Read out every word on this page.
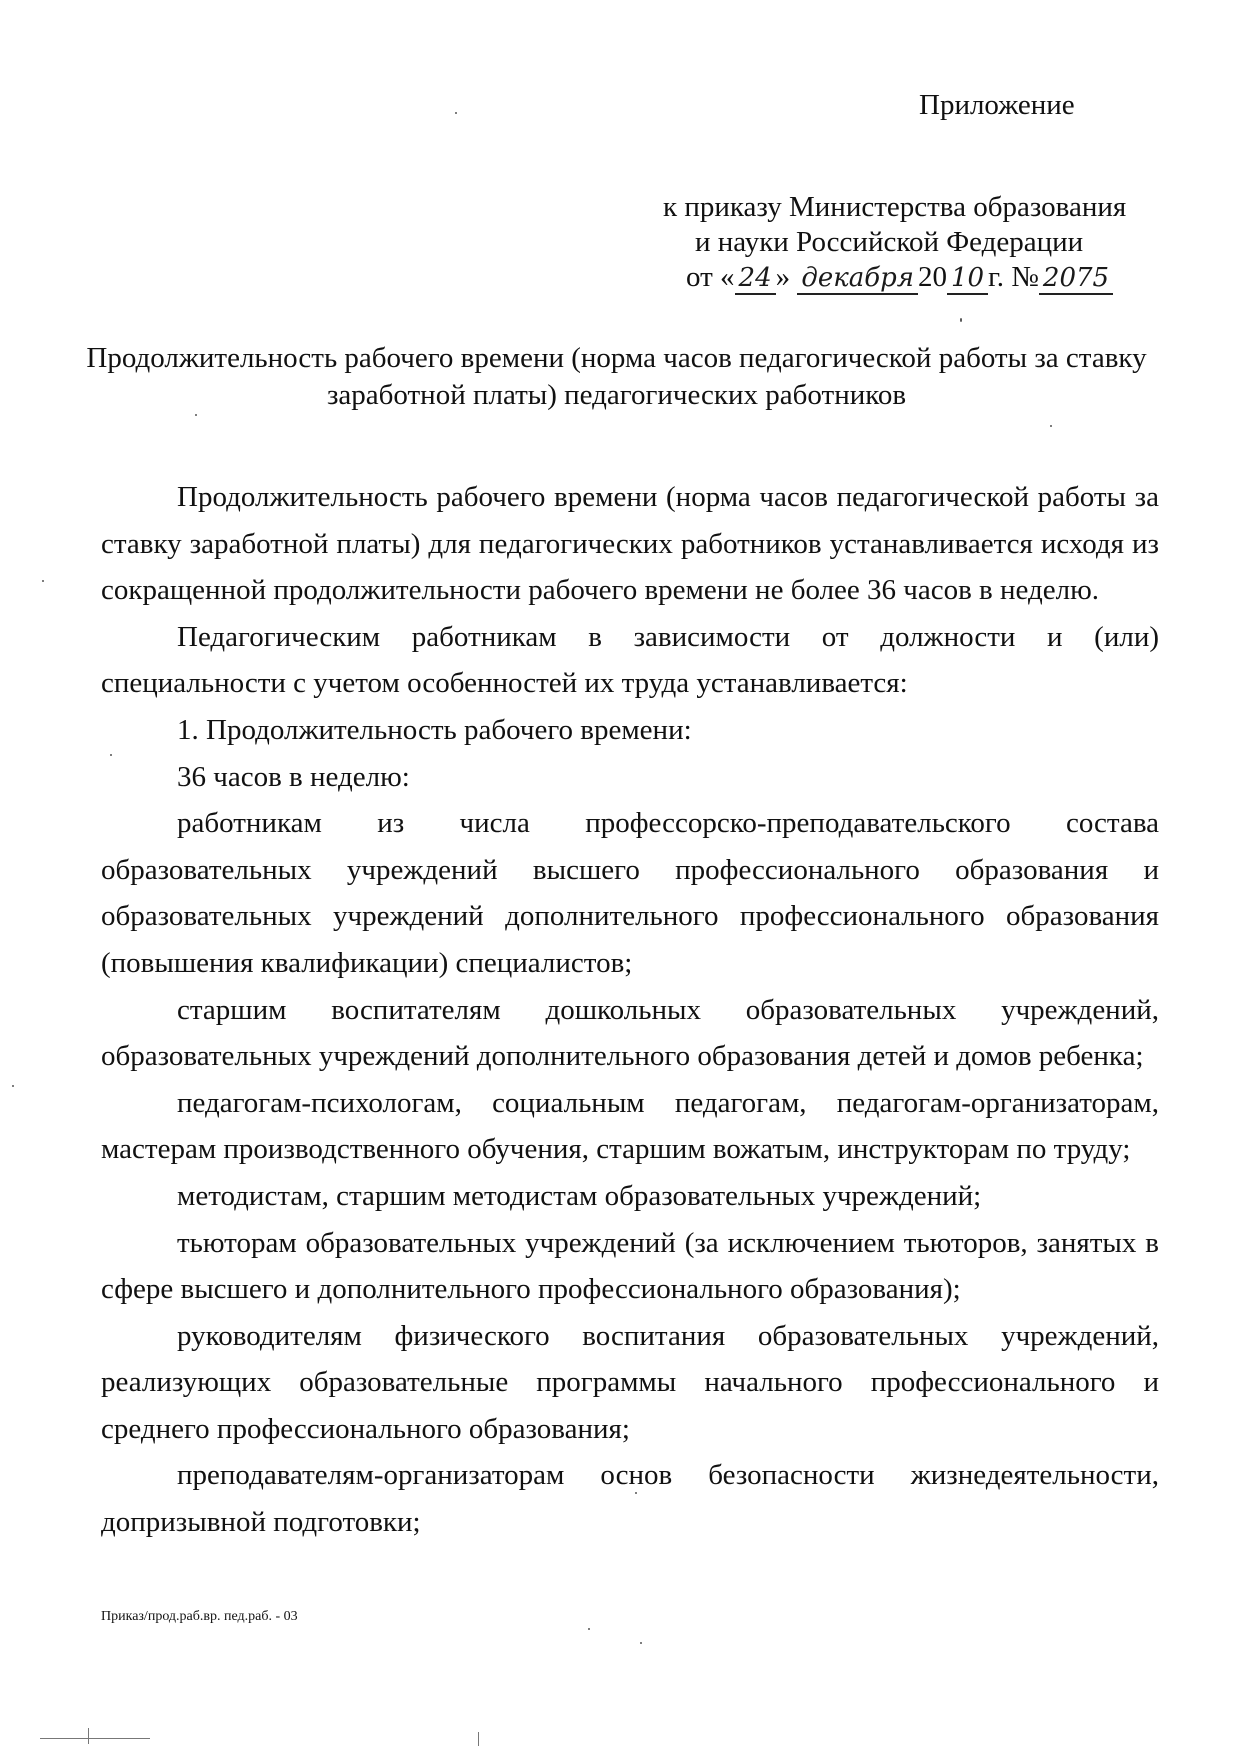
Приложение
к приказу Министерства образования
и науки Российской Федерации
от « 24 » декабря 20 10 г. № 2075
Продолжительность рабочего времени (норма часов педагогической работы за ставку заработной платы) педагогических работников

Продолжительность рабочего времени (норма часов педагогической работы за ставку заработной платы) для педагогических работников устанавливается исходя из сокращенной продолжительности рабочего времени не более 36 часов в неделю.

Педагогическим работникам в зависимости от должности и (или) специальности с учетом особенностей их труда устанавливается:

1. Продолжительность рабочего времени:

36 часов в неделю:

работникам из числа профессорско-преподавательского состава образовательных учреждений высшего профессионального образования и образовательных учреждений дополнительного профессионального образования (повышения квалификации) специалистов;

старшим воспитателям дошкольных образовательных учреждений, образовательных учреждений дополнительного образования детей и домов ребенка;

педагогам-психологам, социальным педагогам, педагогам-организаторам, мастерам производственного обучения, старшим вожатым, инструкторам по труду;

методистам, старшим методистам образовательных учреждений;

тьюторам образовательных учреждений (за исключением тьюторов, занятых в сфере высшего и дополнительного профессионального образования);

руководителям физического воспитания образовательных учреждений, реализующих образовательные программы начального профессионального и среднего профессионального образования;

преподавателям-организаторам основ безопасности жизнедеятельности, допризывной подготовки;

Приказ/прод.раб.вр. пед.раб. - 03
